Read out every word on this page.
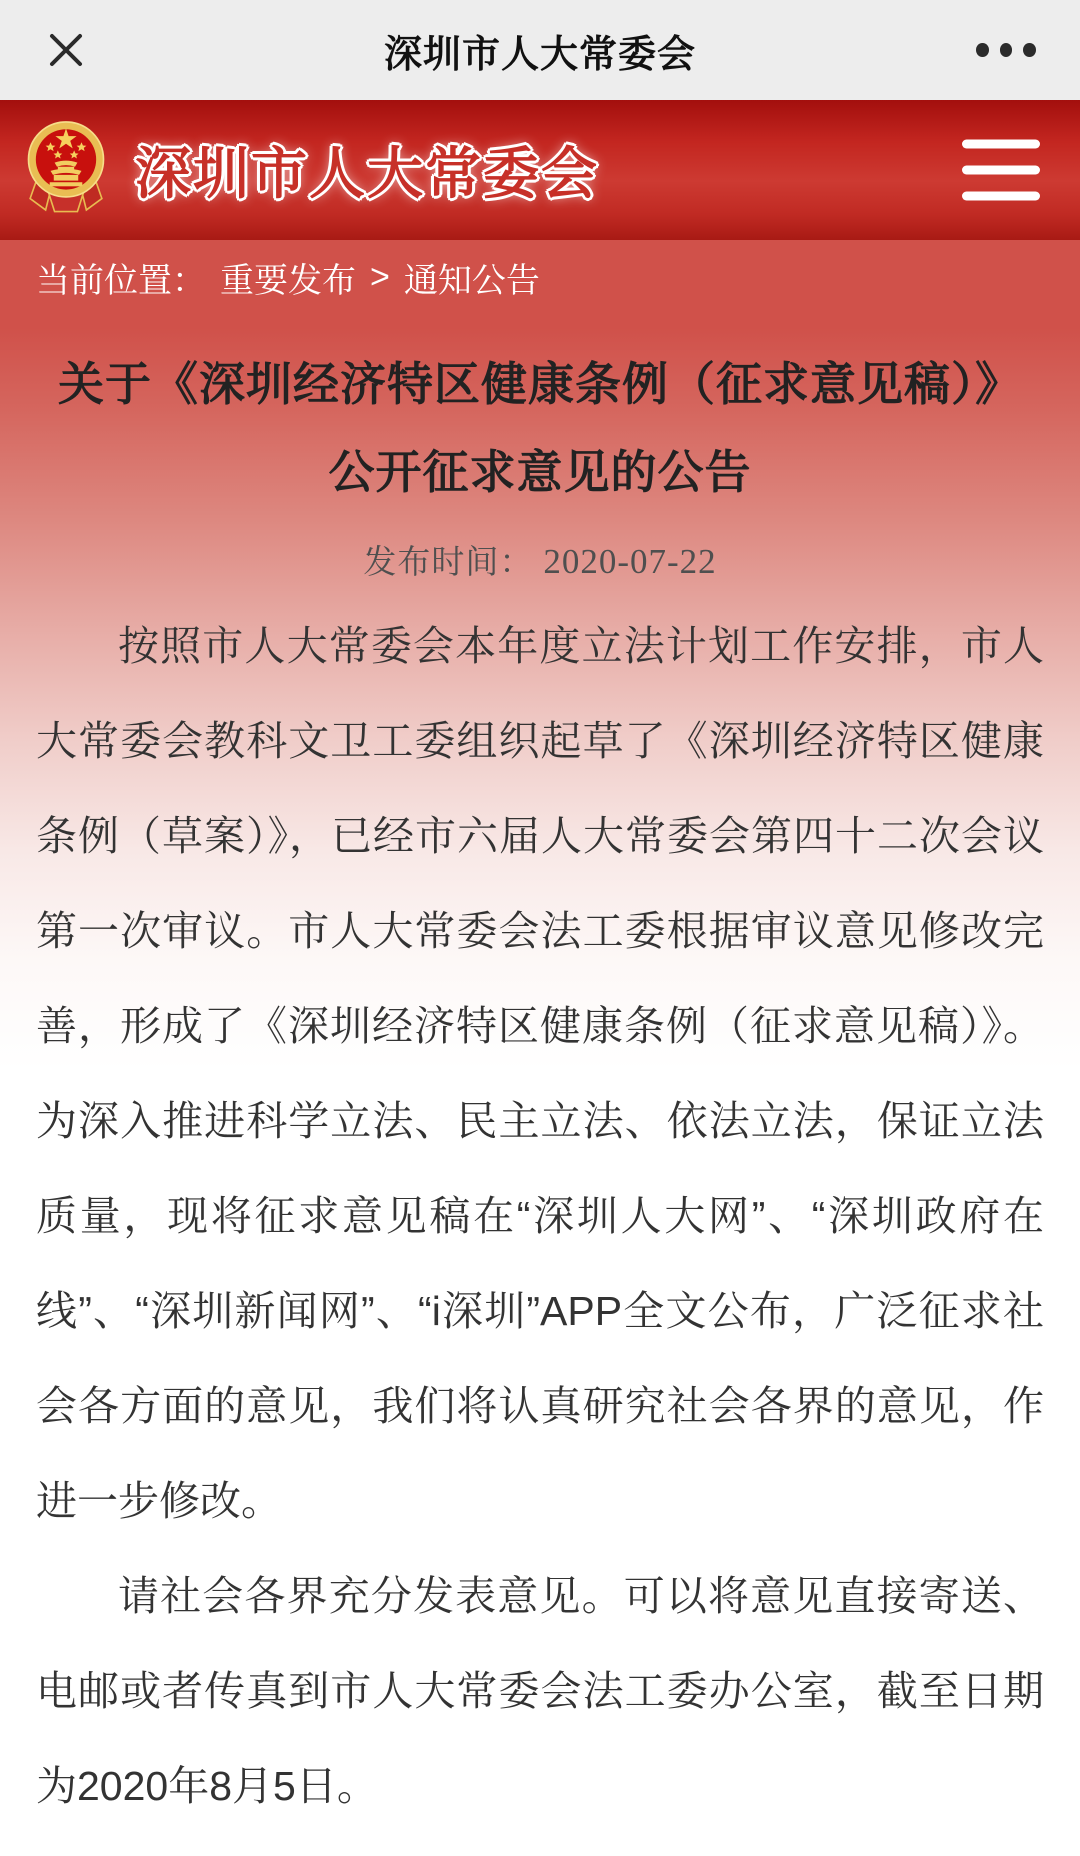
深圳市人大常委会
深圳市人大常委会
当前位置： 重要发布 > 通知公告
关于《深圳经济特区健康条例（征求意见稿）》
公开征求意见的公告
发布时间： 2020-07-22

按照市人大常委会本年度立法计划工作安排，市人大常委会教科文卫工委组织起草了《深圳经济特区健康条例（草案）》，已经市六届人大常委会第四十二次会议第一次审议。市人大常委会法工委根据审议意见修改完善，形成了《深圳经济特区健康条例（征求意见稿）》。为深入推进科学立法、民主立法、依法立法，保证立法质量，现将征求意见稿在“深圳人大网”、“深圳政府在线”、“深圳新闻网”、“i深圳”APP全文公布，广泛征求社会各方面的意见，我们将认真研究社会各界的意见，作进一步修改。

请社会各界充分发表意见。可以将意见直接寄送、电邮或者传真到市人大常委会法工委办公室，截至日期为2020年8月5日。
